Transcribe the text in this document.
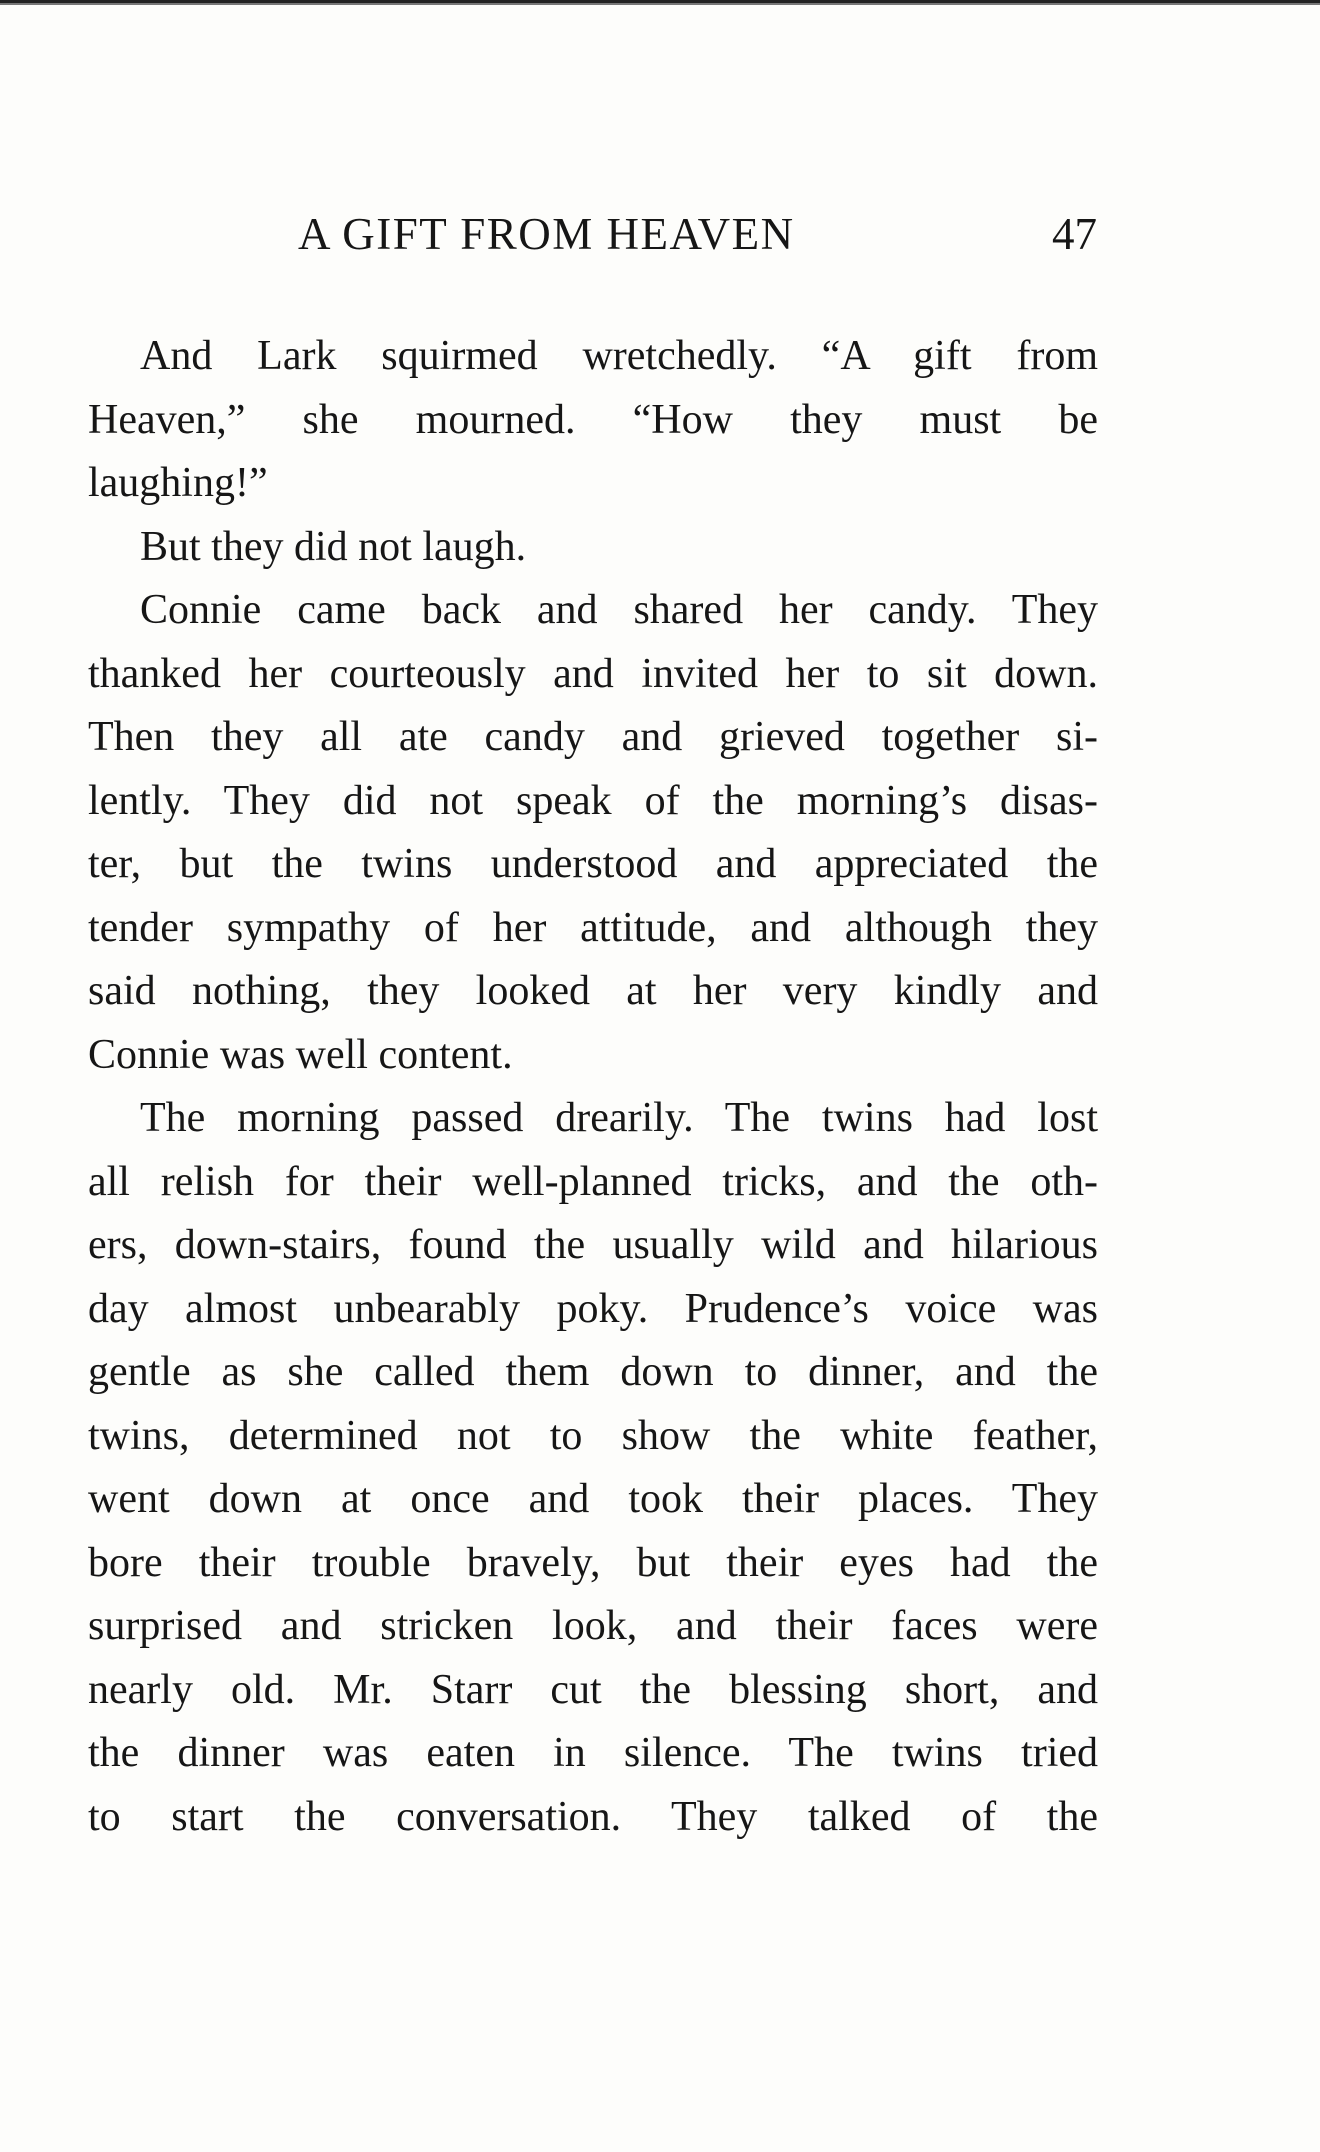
A GIFT FROM HEAVEN	47
And Lark squirmed wretchedly. “A gift from
Heaven,” she mourned. “How they must be
laughing!”
But they did not laugh.
Connie came back and shared her candy. They
thanked her courteously and invited her to sit down.
Then they all ate candy and grieved together si-
lently. They did not speak of the morning’s disas-
ter, but the twins understood and appreciated the
tender sympathy of her attitude, and although they
said nothing, they looked at her very kindly and
Connie was well content.
The morning passed drearily. The twins had lost
all relish for their well-planned tricks, and the oth-
ers, down-stairs, found the usually wild and hilarious
day almost unbearably poky. Prudence’s voice was
gentle as she called them down to dinner, and the
twins, determined not to show the white feather,
went down at once and took their places. They
bore their trouble bravely, but their eyes had the
surprised and stricken look, and their faces were
nearly old. Mr. Starr cut the blessing short, and
the dinner was eaten in silence. The twins tried
to start the conversation. They talked of the
